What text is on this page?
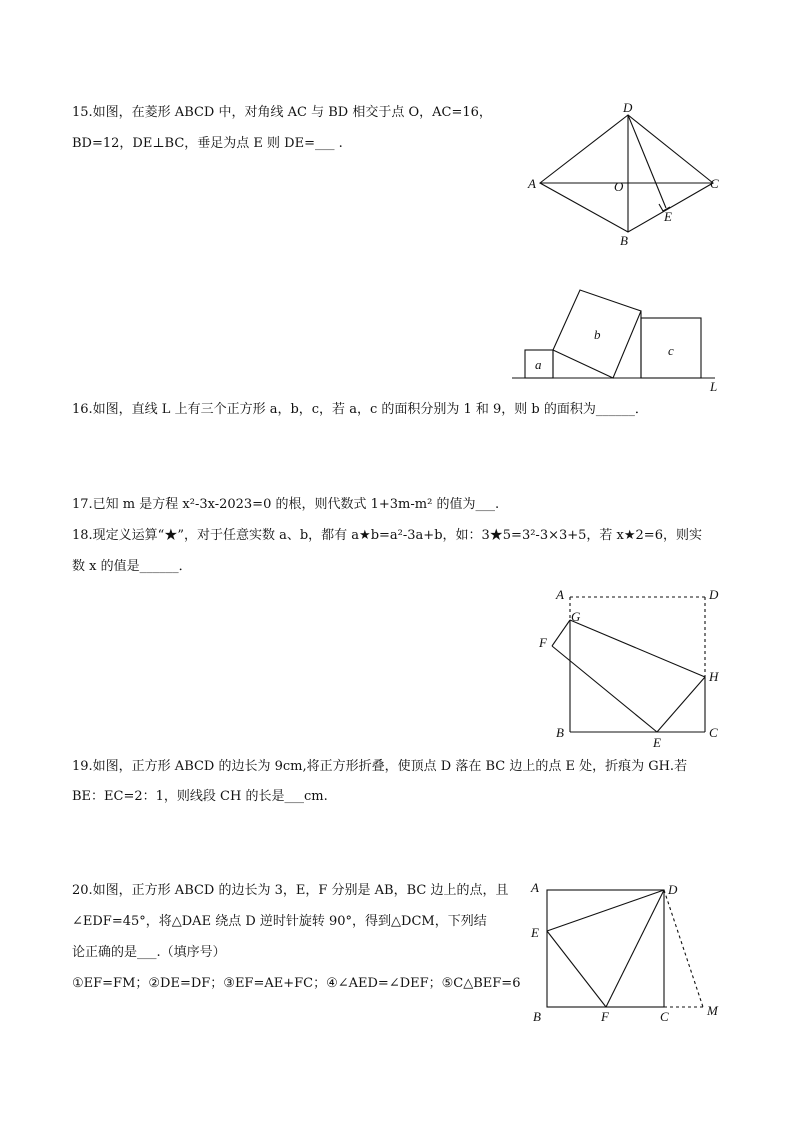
15.如图，在菱形 ABCD 中，对角线 AC 与 BD 相交于点 O，AC=16，
BD=12，DE⊥BC，垂足为点 E 则 DE=___ .
D
A	O	C
E
B
a
b
c
L
16.如图，直线 L 上有三个正方形 a，b，c，若 a，c 的面积分别为 1 和 9，则 b 的面积为______．
17.已知 m 是方程 x²-3x-2023=0 的根，则代数式 1+3m-m² 的值为___.
18.现定义运算“★”，对于任意实数 a、b，都有 a★b=a²-3a+b，如：3★5=3²-3×3+5，若 x★2=6，则实
数 x 的值是______．
A	D
G
F
H
B
E
C
19.如图，正方形 ABCD 的边长为 9cm,将正方形折叠，使顶点 D 落在 BC 边上的点 E 处，折痕为 GH.若
BE：EC=2：1，则线段 CH 的长是___cm.
20.如图，正方形 ABCD 的边长为 3，E，F 分别是 AB，BC 边上的点，且
∠EDF=45°，将△DAE 绕点 D 逆时针旋转 90°，得到△DCM，下列结
论正确的是___.（填序号）
①EF=FM；②DE=DF；③EF=AE+FC；④∠AED=∠DEF；⑤C△BEF=6
A	D
E
B	F	C	M
